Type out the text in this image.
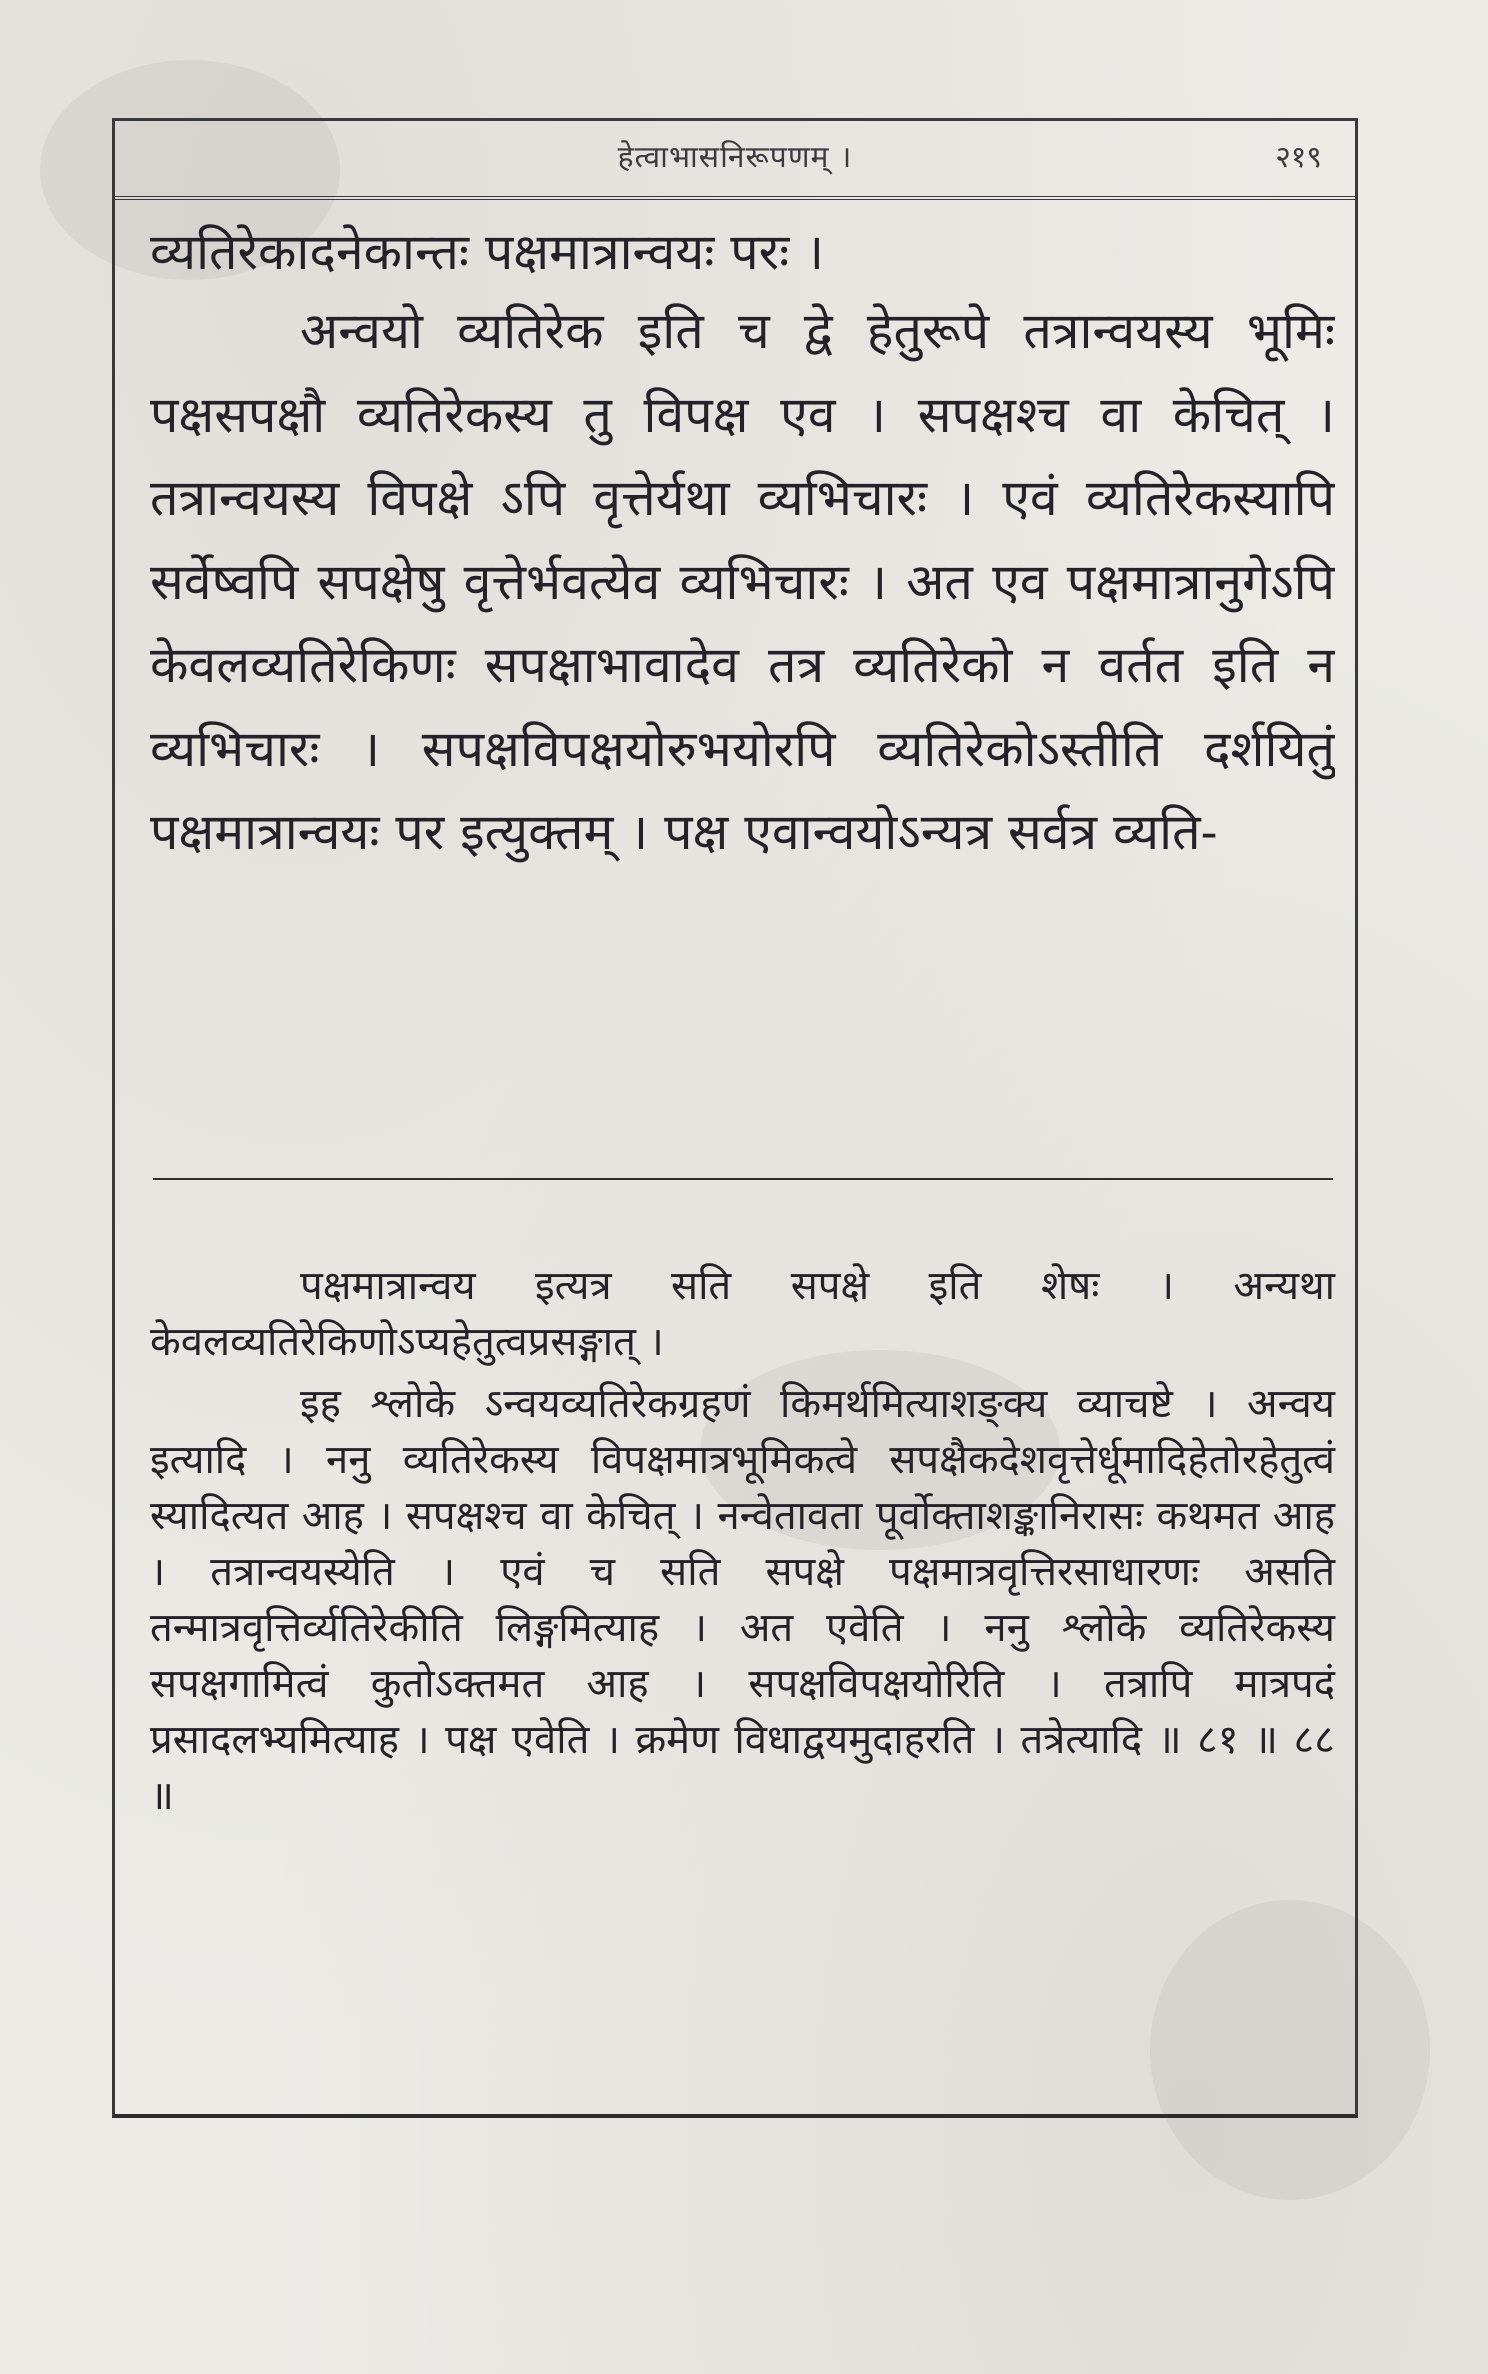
हेत्वाभासनिरूपणम् ।	२१९
व्यतिरेकादनेकान्तः पक्षमात्रान्वयः परः ।
अन्वयो व्यतिरेक इति च द्वे हेतुरूपे तत्रान्वयस्य भूमिः पक्षसपक्षौ व्यतिरेकस्य तु विपक्ष एव । सपक्षश्च वा केचित् । तत्रान्वयस्य विपक्षे ऽपि वृत्तेर्यथा व्यभिचारः । एवं व्यतिरेकस्यापि सर्वेष्वपि सपक्षेषु वृत्तेर्भवत्येव व्यभिचारः । अत एव पक्षमात्रानुगेऽपि केवलव्यतिरेकिणः सपक्षाभावादेव तत्र व्यतिरेको न वर्तत इति न व्यभिचारः । सपक्षविपक्षयोरुभयोरपि व्यतिरेकोऽस्तीति दर्शयितुं पक्षमात्रान्वयः पर इत्युक्तम् । पक्ष एवान्वयोऽन्यत्र सर्वत्र व्यति-

पक्षमात्रान्वय इत्यत्र सति सपक्षे इति शेषः । अन्यथा केवलव्यतिरेकिणोऽप्यहेतुत्वप्रसङ्गात् ।

इह श्लोके ऽन्वयव्यतिरेकग्रहणं किमर्थमित्याशङ्क्य व्याचष्टे । अन्वय इत्यादि । ननु व्यतिरेकस्य विपक्षमात्रभूमिकत्वे सपक्षैकदेशवृत्तेर्धूमादिहेतोरहेतुत्वं स्यादित्यत आह । सपक्षश्च वा केचित् । नन्वेतावता पूर्वोक्ताशङ्कानिरासः कथमत आह । तत्रान्वयस्येति । एवं च सति सपक्षे पक्षमात्रवृत्तिरसाधारणः असति तन्मात्रवृत्तिर्व्यतिरेकीति लिङ्गमित्याह । अत एवेति । ननु श्लोके व्यतिरेकस्य सपक्षगामित्वं कुतोऽक्तमत आह । सपक्षविपक्षयोरिति । तत्रापि मात्रपदं प्रसादलभ्यमित्याह । पक्ष एवेति । क्रमेण विधाद्वयमुदाहरति । तत्रेत्यादि ॥ ८१ ॥ ८८ ॥
